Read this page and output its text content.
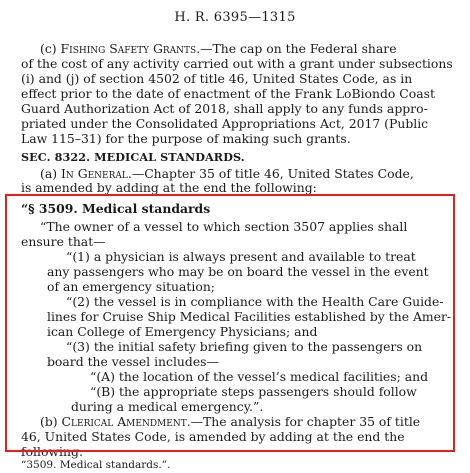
H. R. 6395—1315
(c) Fishing Safety Grants.—The cap on the Federal share
of the cost of any activity carried out with a grant under subsections
(i) and (j) of section 4502 of title 46, United States Code, as in
effect prior to the date of enactment of the Frank LoBiondo Coast
Guard Authorization Act of 2018, shall apply to any funds appro-
priated under the Consolidated Appropriations Act, 2017 (Public
Law 115–31) for the purpose of making such grants.
SEC. 8322. MEDICAL STANDARDS.
(a) In General.—Chapter 35 of title 46, United States Code,
is amended by adding at the end the following:
“§ 3509. Medical standards
“The owner of a vessel to which section 3507 applies shall
ensure that—
“(1) a physician is always present and available to treat
any passengers who may be on board the vessel in the event
of an emergency situation;
“(2) the vessel is in compliance with the Health Care Guide-
lines for Cruise Ship Medical Facilities established by the Amer-
ican College of Emergency Physicians; and
“(3) the initial safety briefing given to the passengers on
board the vessel includes—
“(A) the location of the vessel’s medical facilities; and
“(B) the appropriate steps passengers should follow
during a medical emergency.”.
(b) Clerical Amendment.—The analysis for chapter 35 of title
46, United States Code, is amended by adding at the end the
following:
“3509. Medical standards.”.
